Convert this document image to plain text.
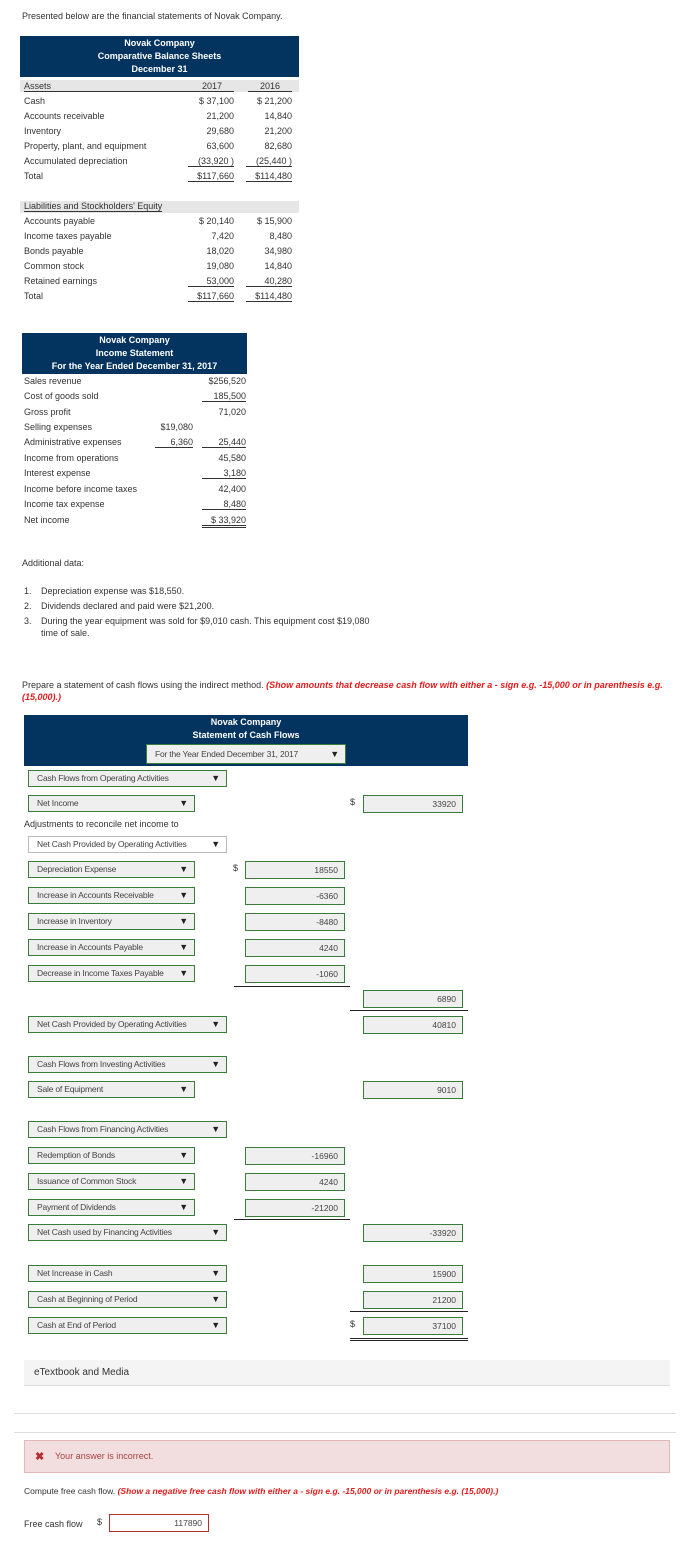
Presented below are the financial statements of Novak Company.
Novak Company
Comparative Balance Sheets
December 31
Additional data:
Prepare a statement of cash flows using the indirect method. (Show amounts that decrease cash flow with either a - sign e.g. -15,000 or in parenthesis e.g. (15,000).)
Novak Company
Statement of Cash Flows
For the Year Ended December 31, 2017	▼
Adjustments to reconcile net income to
eTextbook and Media
✖ Your answer is incorrect.
Compute free cash flow. (Show a negative free cash flow with either a - sign e.g. -15,000 or in parenthesis e.g. (15,000).)
Free cash flow $	117890
Assets	2017	2016
Cash	$ 37,100	$ 21,200
Accounts receivable	21,200	14,840
Inventory	29,680	21,200
Property, plant, and equipment	63,600	82,680
Accumulated depreciation	(33,920 )	(25,440 )
Total	$117,660	$114,480
Liabilities and Stockholders' Equity
Accounts payable	$ 20,140	$ 15,900
Income taxes payable	7,420	8,480
Bonds payable	18,020	34,980
Common stock	19,080	14,840
Retained earnings	53,000	40,280
Total	$117,660	$114,480
Novak Company
Income Statement
For the Year Ended December 31, 2017
Sales revenue	$256,520
Cost of goods sold	185,500
Gross profit	71,020
Selling expenses	$19,080
Administrative expenses	6,360	25,440
Income from operations	45,580
Interest expense	3,180
Income before income taxes	42,400
Income tax expense	8,480
Net income	$ 33,920
1. Depreciation expense was $18,550.
2. Dividends declared and paid were $21,200.
3. During the year equipment was sold for $9,010 cash. This equipment cost $19,080
time of sale.
Cash Flows from Operating Activities	▼
Net Income	▼	33920
Net Cash Provided by Operating Activities	▼
Depreciation Expense	▼	18550
Increase in Accounts Receivable	▼	-6360
Increase in Inventory	▼	-8480
Increase in Accounts Payable	▼	4240
Decrease in Income Taxes Payable ▼	-1060
6890
Net Cash Provided by Operating Activities	▼	40810
Cash Flows from Investing Activities	▼
Sale of Equipment	▼	9010
Cash Flows from Financing Activities	▼
Redemption of Bonds	▼	-16960
Issuance of Common Stock	▼	4240
Payment of Dividends	▼	-21200
Net Cash used by Financing Activities	▼	-33920
Net Increase in Cash	▼	15900
Cash at Beginning of Period	▼	21200
Cash at End of Period	▼	37100
$
$
$
